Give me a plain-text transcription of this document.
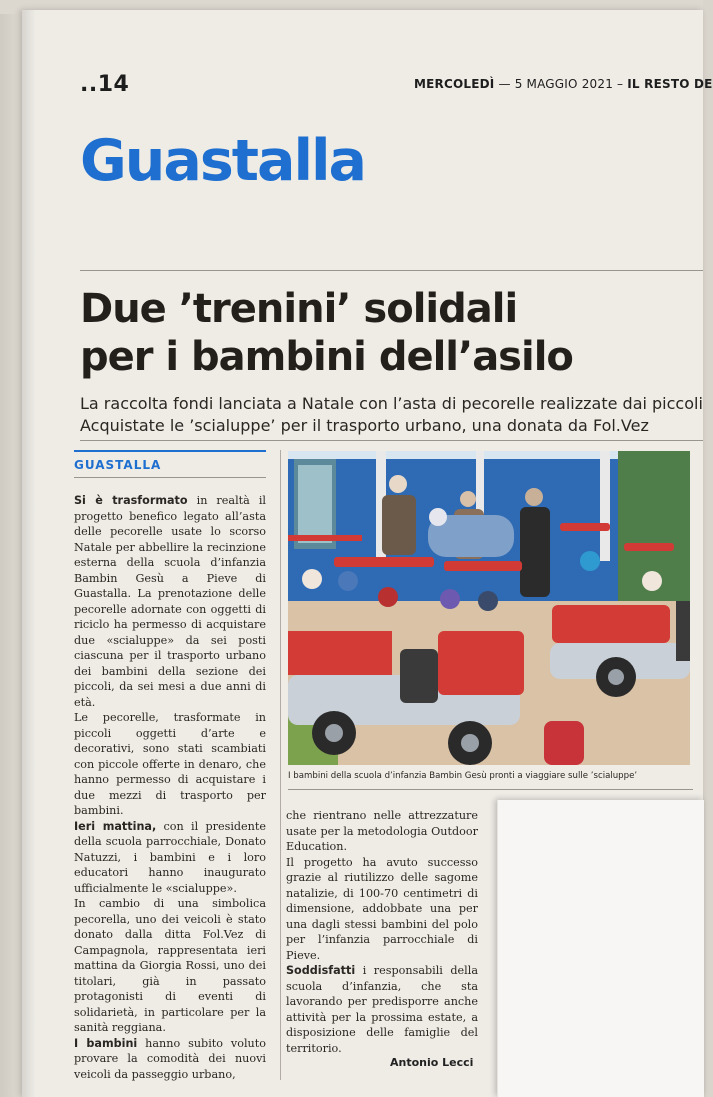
..14	MERCOLEDÌ — 5 MAGGIO 2021 – IL RESTO DE
Guastalla
Due ’trenini’ solidali
per i bambini dell’asilo
La raccolta fondi lanciata a Natale con l’asta di pecorelle realizzate dai piccoli
Acquistate le ’scialuppe’ per il trasporto urbano, una donata da Fol.Vez
GUASTALLA

Si è trasformato in realtà il progetto benefico legato all’asta delle pecorelle usate lo scorso Natale per abbellire la recinzione esterna della scuola d’infanzia Bambin Gesù a Pieve di Guastalla. La prenotazione delle pecorelle adornate con oggetti di riciclo ha permesso di acquistare due «scialuppe» da sei posti ciascuna per il trasporto urbano dei bambini della sezione dei piccoli, da sei mesi a due anni di età.

Le pecorelle, trasformate in piccoli oggetti d’arte e decorativi, sono stati scambiati con piccole offerte in denaro, che hanno permesso di acquistare i due mezzi di trasporto per bambini.

Ieri mattina, con il presidente della scuola parrocchiale, Donato Natuzzi, i bambini e i loro educatori hanno inaugurato ufficialmente le «scialuppe».

In cambio di una simbolica pecorella, uno dei veicoli è stato donato dalla ditta Fol.Vez di Campagnola, rappresentata ieri mattina da Giorgia Rossi, uno dei titolari, già in passato protagonisti di eventi di solidarietà, in particolare per la sanità reggiana.

I bambini hanno subito voluto provare la comodità dei nuovi veicoli da passeggio urbano,

I bambini della scuola d’infanzia Bambin Gesù pronti a viaggiare sulle ’scialuppe’

che rientrano nelle attrezzature usate per la metodologia Outdoor Education.

Il progetto ha avuto successo grazie al riutilizzo delle sagome natalizie, di 100-70 centimetri di dimensione, addobbate una per una dagli stessi bambini del polo per l’infanzia parrocchiale di Pieve.

Soddisfatti i responsabili della scuola d’infanzia, che sta lavorando per predisporre anche attività per la prossima estate, a disposizione delle famiglie del territorio.

Antonio Lecci
